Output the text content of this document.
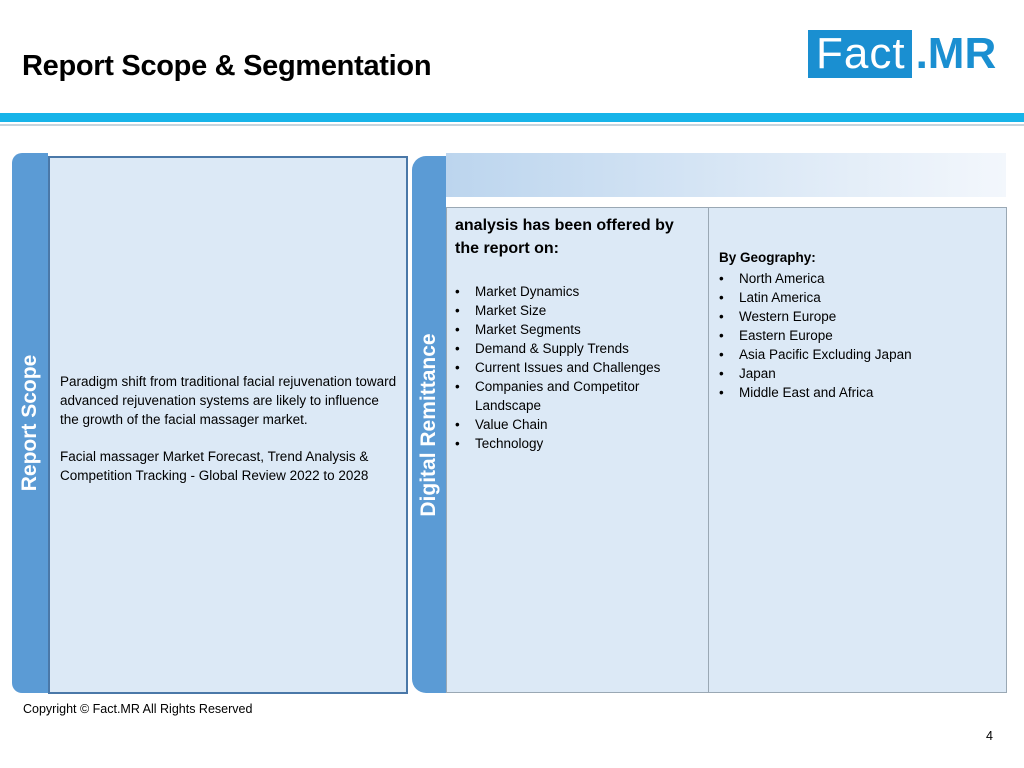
Report Scope & Segmentation	Fact .MR
Report Scope Paradigm shift from traditional facial rejuvenation toward advanced rejuvenation systems are likely to influence the growth of the facial massager market.

Facial massager Market Forecast, Trend Analysis & Competition Tracking - Global Review 2022 to 2028	Digital Remittance
analysis has been offered by the report on:
• Market Dynamics
• Market Size
• Market Segments
• Demand & Supply Trends
• Current Issues and Challenges
• Companies and Competitor Landscape
• Value Chain
• Technology
By Geography:
• North America
• Latin America
• Western Europe
• Eastern Europe
• Asia Pacific Excluding Japan
• Japan
• Middle East and Africa
Copyright © Fact.MR All Rights Reserved
4
